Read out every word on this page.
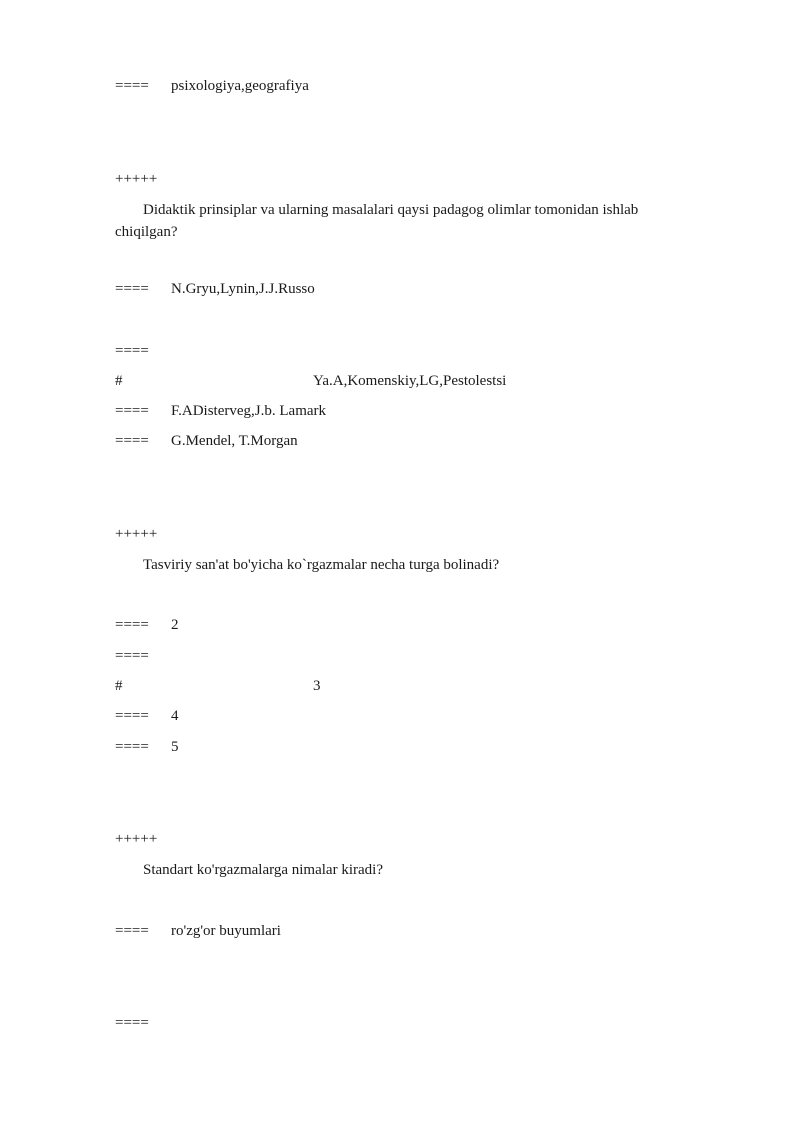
==== psixologiya,geografiya
+++++
Didaktik prinsiplar va ularning masalalari qaysi padagog olimlar tomonidan ishlab chiqilgan?
==== N.Gryu,Lynin,J.J.Russo
====
#	Ya.A,Komenskiy,LG,Pestolestsi
==== F.ADisterveg,J.b. Lamark
==== G.Mendel, T.Morgan
+++++
Tasviriy san'at bo'yicha ko`rgazmalar necha turga bolinadi?
==== 2
====
#	3
==== 4
==== 5
+++++
Standart ko'rgazmalarga nimalar kiradi?
==== ro'zg'or buyumlari
====
